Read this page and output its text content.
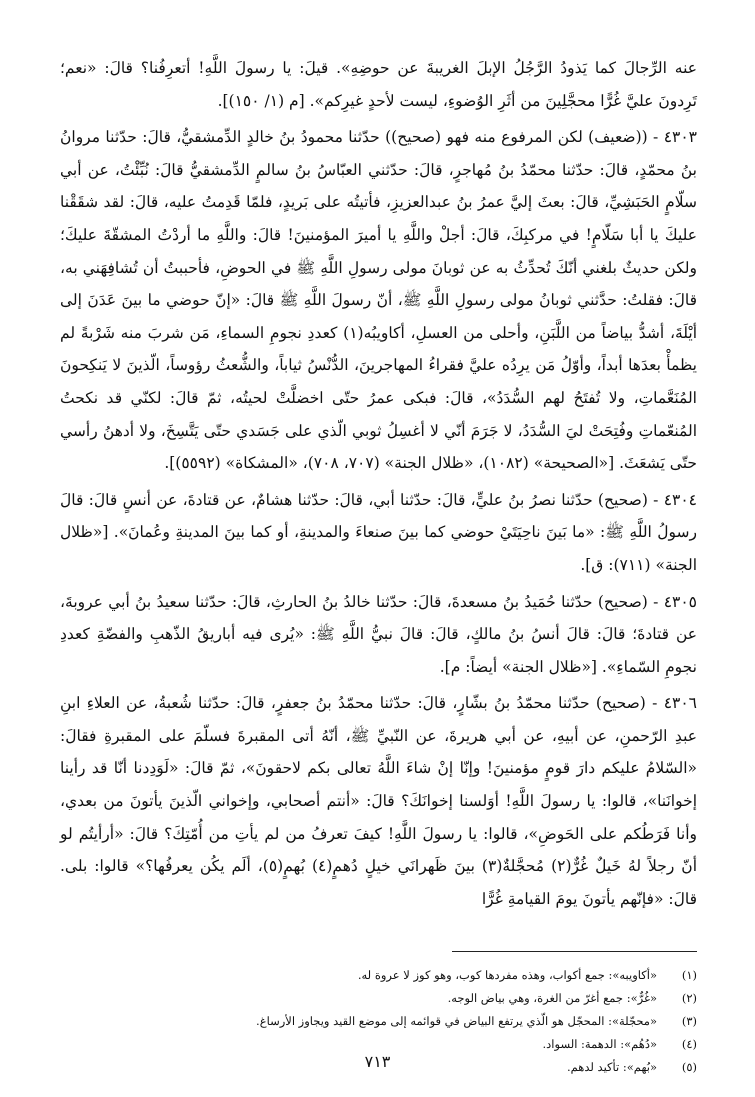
عنه الرِّجالَ كما يَذودُ الرَّجُلُ الإبلَ الغريبةَ عن حوضِهِ». قيلَ: يا رسولَ اللَّهِ! أتعرِفُنا؟ قالَ: «نعم؛ تَرِدونَ عليَّ غُرًّا محجَّلِينَ من أثَرِ الوُضوءِ، ليست لأحدٍ غيرِكم». [م (١/ ١٥٠)].

٤٣٠٣ - ((ضعيف) لكن المرفوع منه فهو (صحيح)) حدّثنا محمودُ بنُ خالدٍ الدِّمشقيُّ، قالَ: حدّثنا مروانُ بنُ محمّدٍ، قالَ: حدّثنا محمّدُ بنُ مُهاجرٍ، قالَ: حدّثني العبّاسُ بنُ سالمٍ الدِّمشقيُّ قالَ: نُبِّئْتُ، عن أبي سلّامٍ الحَبَشِيِّ، قالَ: بعثَ إليَّ عمرُ بنُ عبدالعزيزِ، فأتيتُه على بَريدٍ، فلمّا قَدِمتُ عليه، قالَ: لقد شقَقْنا عليكَ يا أبا سَلّامٍ! في مركبِكَ، قالَ: أجلْ واللَّهِ يا أميرَ المؤمنينَ! قالَ: واللَّهِ ما أردْتُ المشقّةَ عليكَ؛ ولكن حديثٌ بلغني أنّكَ تُحدِّثُ به عن ثوبانَ مولى رسولِ اللَّهِ ﷺ في الحوضِ، فأحببتُ أن تُشافِهَني به، قالَ: فقلتُ: حدَّثني ثوبانُ مولى رسولِ اللَّهِ ﷺ، أنّ رسولَ اللَّهِ ﷺ قالَ: «إنّ حوضي ما بينَ عَدَنَ إلى أيْلَةَ، أشدُّ بياضاً من اللَّبَنِ، وأحلى من العسلِ، أكاويبُه(١) كعددِ نجومِ السماءِ، مَن شربَ منه شَرْبةً لم يظمأْ بعدَها أبداً، وأوّلُ مَن يرِدُه عليَّ فقراءُ المهاجرينَ، الدُّنْسُ ثياباً، والشُّعثُ رؤوساً، الّذينَ لا يَنكِحونَ المُنَعَّماتِ، ولا تُفتَحُ لهم السُّدَدُ»، قالَ: فبكى عمرُ حتّى اخضلَّتْ لحيتُه، ثمّ قالَ: لكنّي قد نكحتُ المُنعّماتِ وفُتِحَتْ ليَ السُّدَدُ، لا جَرَمَ أنّي لا أغسِلُ ثوبي الّذي على جَسَدي حتّى يَتَّسِخَ، ولا أدهنُ رأسي حتّى يَشعَثَ. [«الصحيحة» (١٠٨٢)، «ظلال الجنة» (٧٠٧، ٧٠٨)، «المشكاة» (٥٥٩٢)].

٤٣٠٤ - (صحيح) حدّثنا نصرُ بنُ عليٍّ، قالَ: حدّثنا أبي، قالَ: حدّثنا هشامٌ، عن قتادةَ، عن أنسٍ قالَ: قالَ رسولُ اللَّهِ ﷺ: «ما بَينَ ناحِيَتَيْ حوضي كما بينَ صنعاءَ والمدينةِ، أو كما بينَ المدينةِ وعُمانَ». [«ظلال الجنة» (٧١١): ق].

٤٣٠٥ - (صحيح) حدّثنا حُمَيدُ بنُ مسعدةَ، قالَ: حدّثنا خالدُ بنُ الحارثِ، قالَ: حدّثنا سعيدُ بنُ أبي عروبةَ، عن قتادةَ؛ قالَ: قالَ أنسُ بنُ مالكٍ، قالَ: قالَ نبيُّ اللَّهِ ﷺ: «يُرى فيه أباريقُ الذّهبِ والفضّةِ كعددِ نجومِ السّماءِ». [«ظلال الجنة» أيضاً: م].

٤٣٠٦ - (صحيح) حدّثنا محمّدُ بنُ بشّارٍ، قالَ: حدّثنا محمّدُ بنُ جعفرٍ، قالَ: حدّثنا شُعبةُ، عن العلاءِ ابنِ عبدِ الرّحمنِ، عن أبيهِ، عن أبي هريرةَ، عن النّبيِّ ﷺ، أنّهُ أتى المقبرةَ فسلّمَ على المقبرةِ فقالَ: «السّلامُ عليكم دارَ قومٍ مؤمنينَ! وإنّا إنْ شاءَ اللَّهُ تعالى بكم لاحقونَ»، ثمّ قالَ: «لَوَدِدنا أنّا قد رأينا إخوانَنا»، قالوا: يا رسولَ اللَّهِ! أوَلسنا إخوانَكَ؟ قالَ: «أنتم أصحابي، وإخواني الّذينَ يأتونَ من بعدي، وأنا فَرَطُكم على الحَوضِ»، قالوا: يا رسولَ اللَّهِ! كيفَ تعرفُ من لم يأتِ من أُمّتِكَ؟ قالَ: «أرأيتُم لو أنّ رجلاً لهُ خَيلٌ غُرٌّ(٢) مُحجَّلةٌ(٣) بينَ ظَهرانَي خيلٍ دُهمٍ(٤) بُهمٍ(٥)، ألَم يكُن يعرفُها؟» قالوا: بلى. قالَ: «فإنّهم يأتونَ يومَ القيامةِ غُرًّا

(١)
«أكاويبه»: جمع أكواب، وهذه مفردها كوب، وهو كوز لا عروة له.
(٢)
«غُرٌّ»: جمع أغرّ من الغرة، وهي بياض الوجه.
(٣)
«محجّلة»: المحجّل هو الّذي يرتفع البياض في قوائمه إلى موضع القيد ويجاوز الأرساغ.
(٤)
«دُهُم»: الدهمة: السواد.
(٥)
«بُهم»: تأكيد لدهم.
٧١٣
